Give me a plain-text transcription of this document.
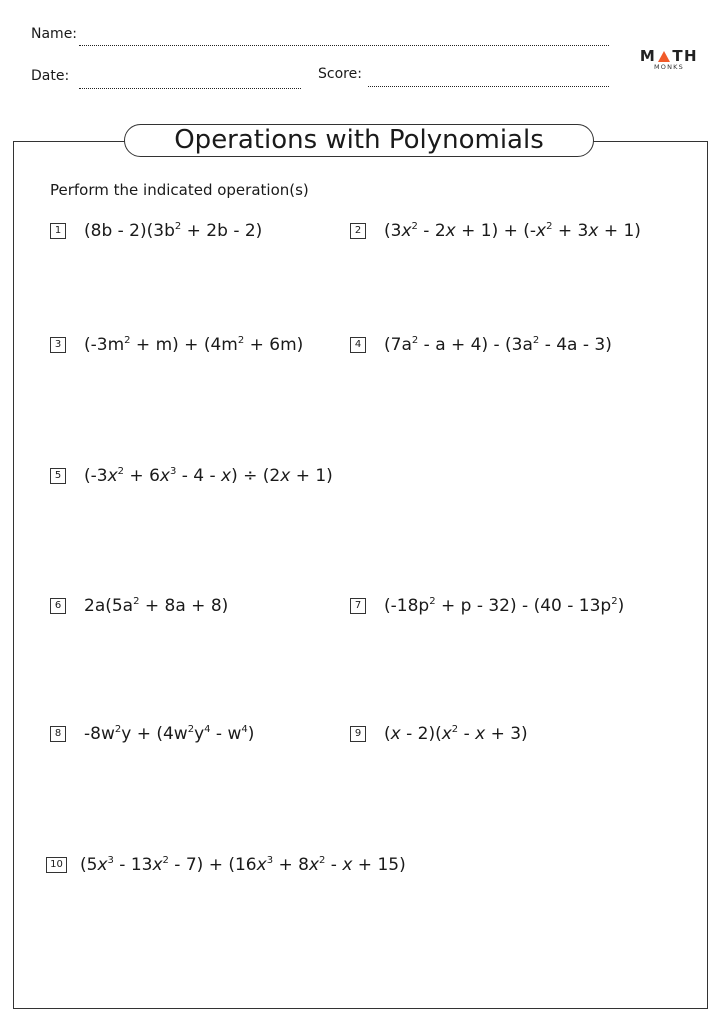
Name:
Date:	Score:
M TH
MONKS
Operations with Polynomials
Perform the indicated operation(s)
1 $(8b - 2)(3b^2 + 2b - 2)$	2 $(3x^2 - 2x + 1) + (-x^2 + 3x + 1)$
3 $(-3m^2 + m) + (4m^2 + 6m)$	4 $(7a^2 - a + 4) - (3a^2 - 4a - 3)$
5 $(-3x^2 + 6x^3 - 4 - x) \div (2x + 1)$
6 $2a(5a^2 + 8a + 8)$	7 $(-18p^2 + p - 32) - (40 - 13p^2)$
8 $-8w^2y + (4w^2y^4 - w^4)$	9 $(x - 2)(x^2 - x + 3)$
10 $(5x^3 - 13x^2 - 7) + (16x^3 + 8x^2 - x + 15)$
